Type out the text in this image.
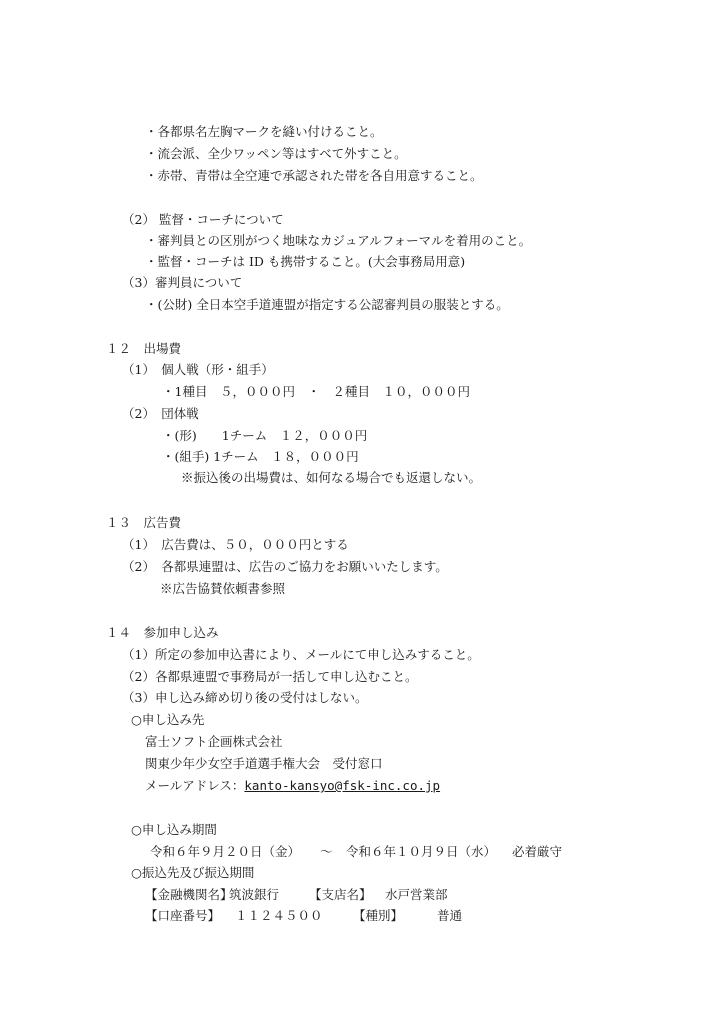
・各都県名左胸マークを縫い付けること。
・流会派、全少ワッペン等はすべて外すこと。
・赤帯、青帯は全空連で承認された帯を各自用意すること。
（2） 監督・コーチについて
・審判員との区別がつく地味なカジュアルフォーマルを着用のこと。
・監督・コーチは ID も携帯すること。(大会事務局用意)
（3）審判員について
・(公財) 全日本空手道連盟が指定する公認審判員の服装とする。
１２　出場費
（1）　個人戦（形・組手）
・1種目　５，０００円　・　２種目　１０，０００円
（2）　団体戦
・(形)　　1チーム　１２，０００円
・(組手) 1チーム　１８，０００円
※振込後の出場費は、如何なる場合でも返還しない。
１３　広告費
（1）　広告費は、５０，０００円とする
（2）　各都県連盟は、広告のご協力をお願いいたします。
※広告協賛依頼書参照
１４　参加申し込み
（1）所定の参加申込書により、メールにて申し込みすること。
（2）各都県連盟で事務局が一括して申し込むこと。
（3）申し込み締め切り後の受付はしない。
○申し込み先
富士ソフト企画株式会社
関東少年少女空手道選手権大会　受付窓口
メールアドレス：kanto-kansyo@fsk-inc.co.jp
○申し込み期間
令和６年９月２０日（金） ～ 令和６年１０月９日（水） 必着厳守
○振込先及び振込期間
【金融機関名】
筑波銀行 【支店名】 水戸営業部
【口座番号】 １１２４５００ 【種別】	普通
